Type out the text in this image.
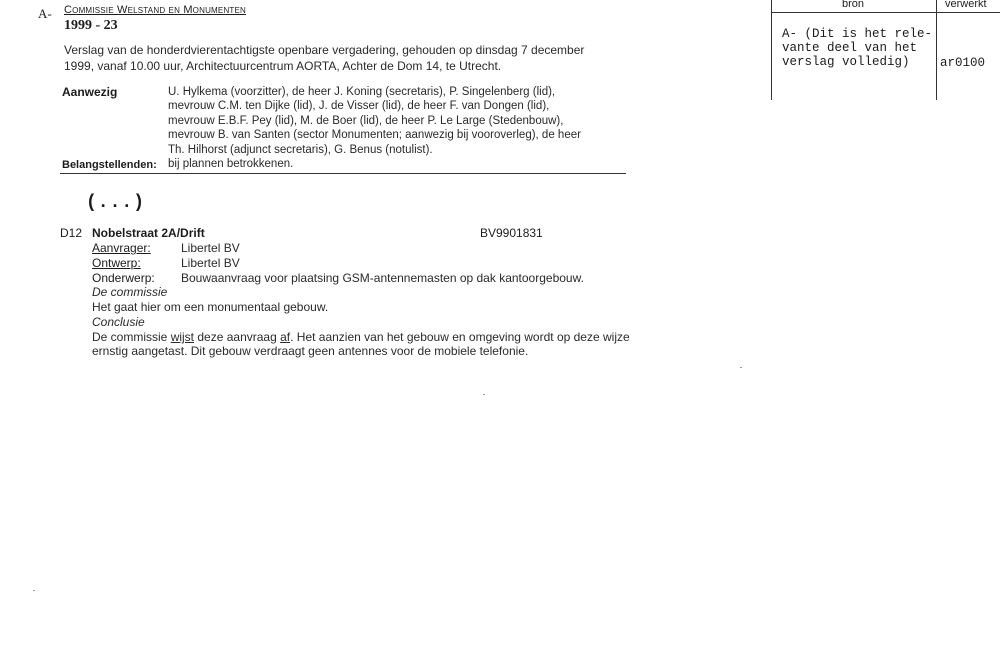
A- Commissie Welstand en Monumenten
1999 - 23
Verslag van de honderdvierentachtigste openbare vergadering, gehouden op dinsdag 7 december
1999, vanaf 10.00 uur, Architectuurcentrum AORTA, Achter de Dom 14, te Utrecht.
Aanwezig	U. Hylkema (voorzitter), de heer J. Koning (secretaris), P. Singelenberg (lid),
mevrouw C.M. ten Dijke (lid), J. de Visser (lid), de heer F. van Dongen (lid),
mevrouw E.B.F. Pey (lid), M. de Boer (lid), de heer P. Le Large (Stedenbouw),
mevrouw B. van Santen (sector Monumenten; aanwezig bij vooroverleg), de heer
Th. Hilhorst (adjunct secretaris), G. Benus (notulist).
Belangstellenden: bij plannen betrokkenen.
(...)
D12 Nobelstraat 2A/Drift	BV9901831
Aanvrager:	Libertel BV
Ontwerp:	Libertel BV
Onderwerp: Bouwaanvraag voor plaatsing GSM-antennemasten op dak kantoorgebouw.
De commissie
Het gaat hier om een monumentaal gebouw.
Conclusie
De commissie wijst deze aanvraag af. Het aanzien van het gebouw en omgeving wordt op deze wijze
ernstig aangetast. Dit gebouw verdraagt geen antennes voor de mobiele telefonie.
bron	verwerkt
A- (Dit is het rele-
vante deel van het
verslag volledig)	ar0100
